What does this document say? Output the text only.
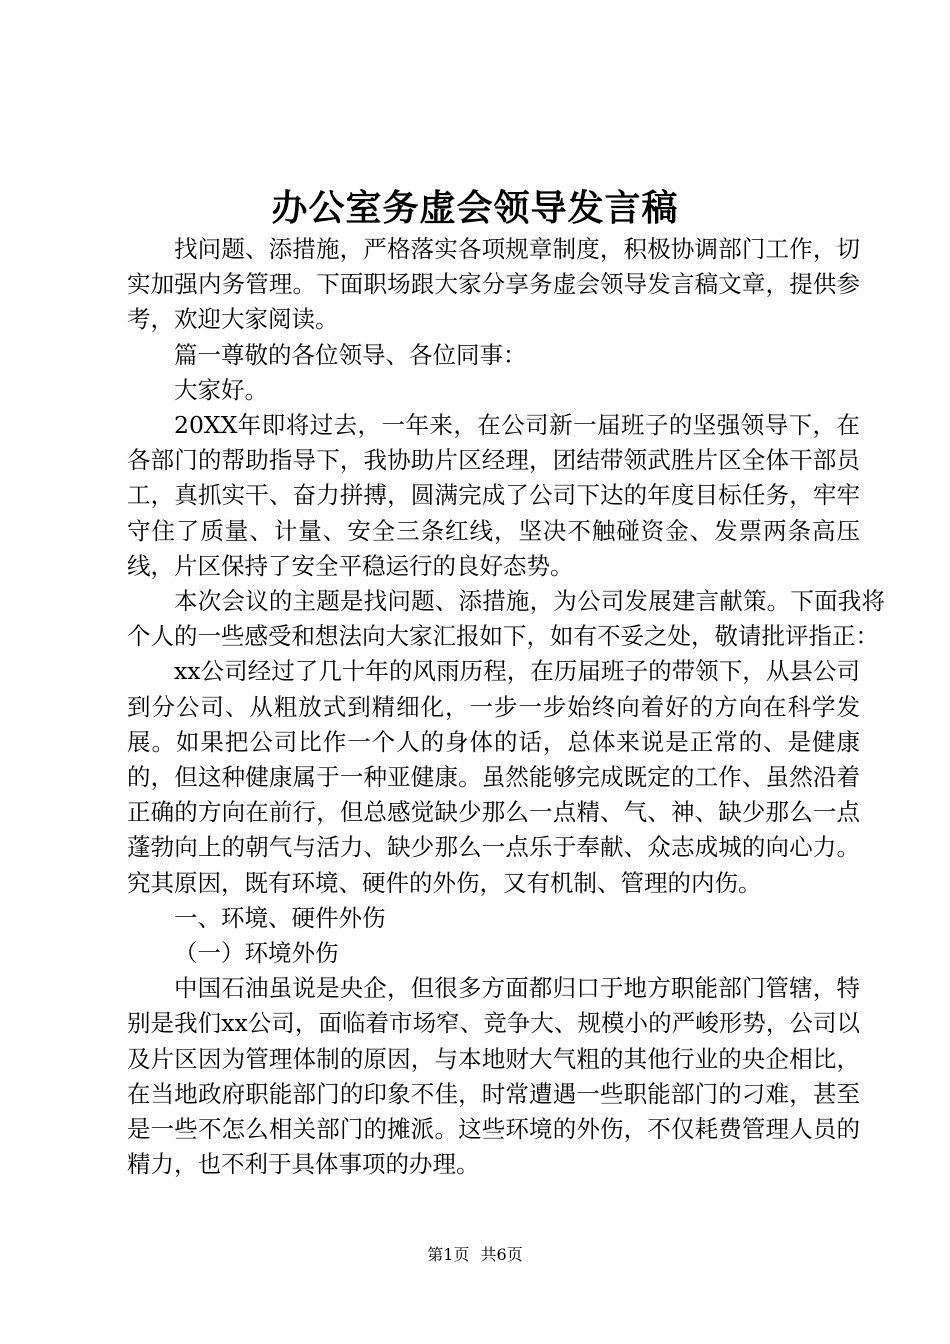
办公室务虚会领导发言稿

找问题、添措施，严格落实各项规章制度，积极协调部门工作，切实加强内务管理。下面职场跟大家分享务虚会领导发言稿文章，提供参考，欢迎大家阅读。

篇一尊敬的各位领导、各位同事：

大家好。

20XX年即将过去，一年来，在公司新一届班子的坚强领导下，在各部门的帮助指导下，我协助片区经理，团结带领武胜片区全体干部员工，真抓实干、奋力拼搏，圆满完成了公司下达的年度目标任务，牢牢守住了质量、计量、安全三条红线，坚决不触碰资金、发票两条高压线，片区保持了安全平稳运行的良好态势。

本次会议的主题是找问题、添措施，为公司发展建言献策。下面我将个人的一些感受和想法向大家汇报如下，如有不妥之处，敬请批评指正：

xx公司经过了几十年的风雨历程，在历届班子的带领下，从县公司到分公司、从粗放式到精细化，一步一步始终向着好的方向在科学发展。如果把公司比作一个人的身体的话，总体来说是正常的、是健康的，但这种健康属于一种亚健康。虽然能够完成既定的工作、虽然沿着正确的方向在前行，但总感觉缺少那么一点精、气、神、缺少那么一点蓬勃向上的朝气与活力、缺少那么一点乐于奉献、众志成城的向心力。究其原因，既有环境、硬件的外伤，又有机制、管理的内伤。

一、环境、硬件外伤

（一）环境外伤

中国石油虽说是央企，但很多方面都归口于地方职能部门管辖，特别是我们xx公司，面临着市场窄、竞争大、规模小的严峻形势，公司以及片区因为管理体制的原因，与本地财大气粗的其他行业的央企相比，在当地政府职能部门的印象不佳，时常遭遇一些职能部门的刁难，甚至是一些不怎么相关部门的摊派。这些环境的外伤，不仅耗费管理人员的精力，也不利于具体事项的办理。

第1页 共6页
